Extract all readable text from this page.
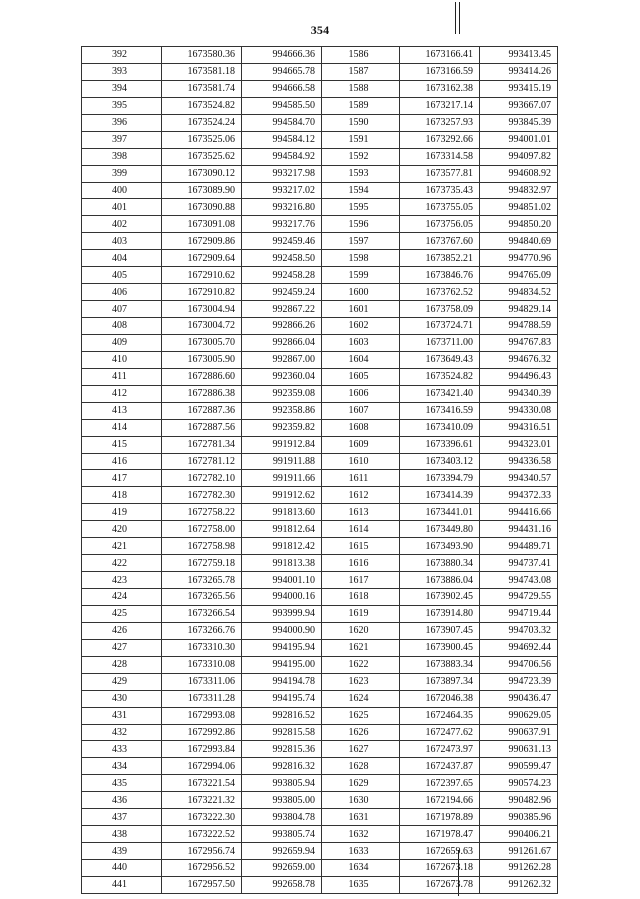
354
392	1673580.36	994666.36	1586	1673166.41	993413.45
393	1673581.18	994665.78	1587	1673166.59	993414.26
394	1673581.74	994666.58	1588	1673162.38	993415.19
395	1673524.82	994585.50	1589	1673217.14	993667.07
396	1673524.24	994584.70	1590	1673257.93	993845.39
397	1673525.06	994584.12	1591	1673292.66	994001.01
398	1673525.62	994584.92	1592	1673314.58	994097.82
399	1673090.12	993217.98	1593	1673577.81	994608.92
400	1673089.90	993217.02	1594	1673735.43	994832.97
401	1673090.88	993216.80	1595	1673755.05	994851.02
402	1673091.08	993217.76	1596	1673756.05	994850.20
403	1672909.86	992459.46	1597	1673767.60	994840.69
404	1672909.64	992458.50	1598	1673852.21	994770.96
405	1672910.62	992458.28	1599	1673846.76	994765.09
406	1672910.82	992459.24	1600	1673762.52	994834.52
407	1673004.94	992867.22	1601	1673758.09	994829.14
408	1673004.72	992866.26	1602	1673724.71	994788.59
409	1673005.70	992866.04	1603	1673711.00	994767.83
410	1673005.90	992867.00	1604	1673649.43	994676.32
411	1672886.60	992360.04	1605	1673524.82	994496.43
412	1672886.38	992359.08	1606	1673421.40	994340.39
413	1672887.36	992358.86	1607	1673416.59	994330.08
414	1672887.56	992359.82	1608	1673410.09	994316.51
415	1672781.34	991912.84	1609	1673396.61	994323.01
416	1672781.12	991911.88	1610	1673403.12	994336.58
417	1672782.10	991911.66	1611	1673394.79	994340.57
418	1672782.30	991912.62	1612	1673414.39	994372.33
419	1672758.22	991813.60	1613	1673441.01	994416.66
420	1672758.00	991812.64	1614	1673449.80	994431.16
421	1672758.98	991812.42	1615	1673493.90	994489.71
422	1672759.18	991813.38	1616	1673880.34	994737.41
423	1673265.78	994001.10	1617	1673886.04	994743.08
424	1673265.56	994000.16	1618	1673902.45	994729.55
425	1673266.54	993999.94	1619	1673914.80	994719.44
426	1673266.76	994000.90	1620	1673907.45	994703.32
427	1673310.30	994195.94	1621	1673900.45	994692.44
428	1673310.08	994195.00	1622	1673883.34	994706.56
429	1673311.06	994194.78	1623	1673897.34	994723.39
430	1673311.28	994195.74	1624	1672046.38	990436.47
431	1672993.08	992816.52	1625	1672464.35	990629.05
432	1672992.86	992815.58	1626	1672477.62	990637.91
433	1672993.84	992815.36	1627	1672473.97	990631.13
434	1672994.06	992816.32	1628	1672437.87	990599.47
435	1673221.54	993805.94	1629	1672397.65	990574.23
436	1673221.32	993805.00	1630	1672194.66	990482.96
437	1673222.30	993804.78	1631	1671978.89	990385.96
438	1673222.52	993805.74	1632	1671978.47	990406.21
439	1672956.74	992659.94	1633	1672659.63	991261.67
440	1672956.52	992659.00	1634	1672673.18	991262.28
441	1672957.50	992658.78	1635	1672673.78	991262.32
